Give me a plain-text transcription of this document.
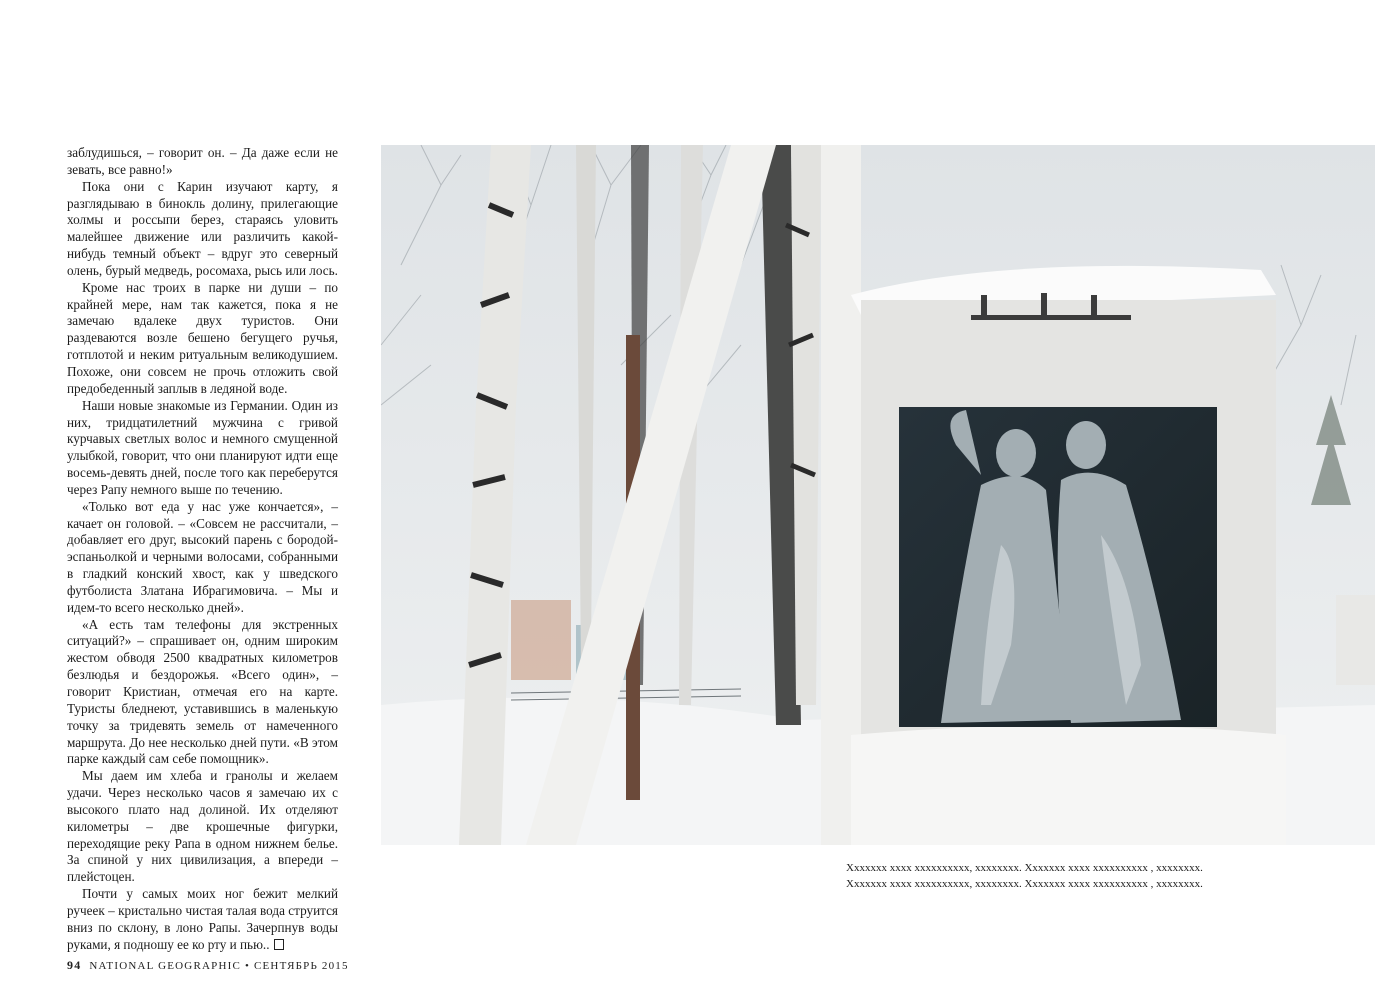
заблудишься, – говорит он. – Да даже если не зевать, все равно!»

Пока они с Карин изучают карту, я разглядываю в бинокль долину, прилегающие холмы и россыпи берез, стараясь уловить малейшее движение или различить какой-нибудь темный объект – вдруг это северный олень, бурый медведь, росомаха, рысь или лось.

Кроме нас троих в парке ни души – по крайней мере, нам так кажется, пока я не замечаю вдалеке двух туристов. Они раздеваются возле бешено бегущего ручья, готплотой и неким ритуальным великодушием. Похоже, они совсем не прочь отложить свой предобеденный заплыв в ледяной воде.

Наши новые знакомые из Германии. Один из них, тридцатилетний мужчина с гривой курчавых светлых волос и немного смущенной улыбкой, говорит, что они планируют идти еще восемь-девять дней, после того как переберутся через Рапу немного выше по течению.

«Только вот еда у нас уже кончается», – качает он головой. – «Совсем не рассчитали, – добавляет его друг, высокий парень с бородой-эспаньолкой и черными волосами, собранными в гладкий конский хвост, как у шведского футболиста Златана Ибрагимовича. – Мы и идем-то всего несколько дней».

«А есть там телефоны для экстренных ситуаций?» – спрашивает он, одним широким жестом обводя 2500 квадратных километров безлюдья и бездорожья. «Всего один», – говорит Кристиан, отмечая его на карте. Туристы бледнеют, уставившись в маленькую точку за тридевять земель от намеченного маршрута. До нее несколько дней пути. «В этом парке каждый сам себе помощник».

Мы даем им хлеба и гранолы и желаем удачи. Через несколько часов я замечаю их с высокого плато над долиной. Их отделяют километры – две крошечные фигурки, переходящие реку Рапа в одном нижнем белье. За спиной у них цивилизация, а впереди – плейстоцен.

Почти у самых моих ног бежит мелкий ручеек – кристально чистая талая вода струится вниз по склону, в лоно Рапы. Зачерпнув воды руками, я подношу ее ко рту и пью..

94 NATIONAL GEOGRAPHIC • СЕНТЯБРЬ 2015
Xxxxxxx xxxx xxxxxxxxxx, xxxxxxxx. Xxxxxxx xxxx xxxxxxxxxx , xxxxxxxx. Xxxxxxx xxxx xxxxxxxxxx, xxxxxxxx. Xxxxxxx xxxx xxxxxxxxxx , xxxxxxxx.
